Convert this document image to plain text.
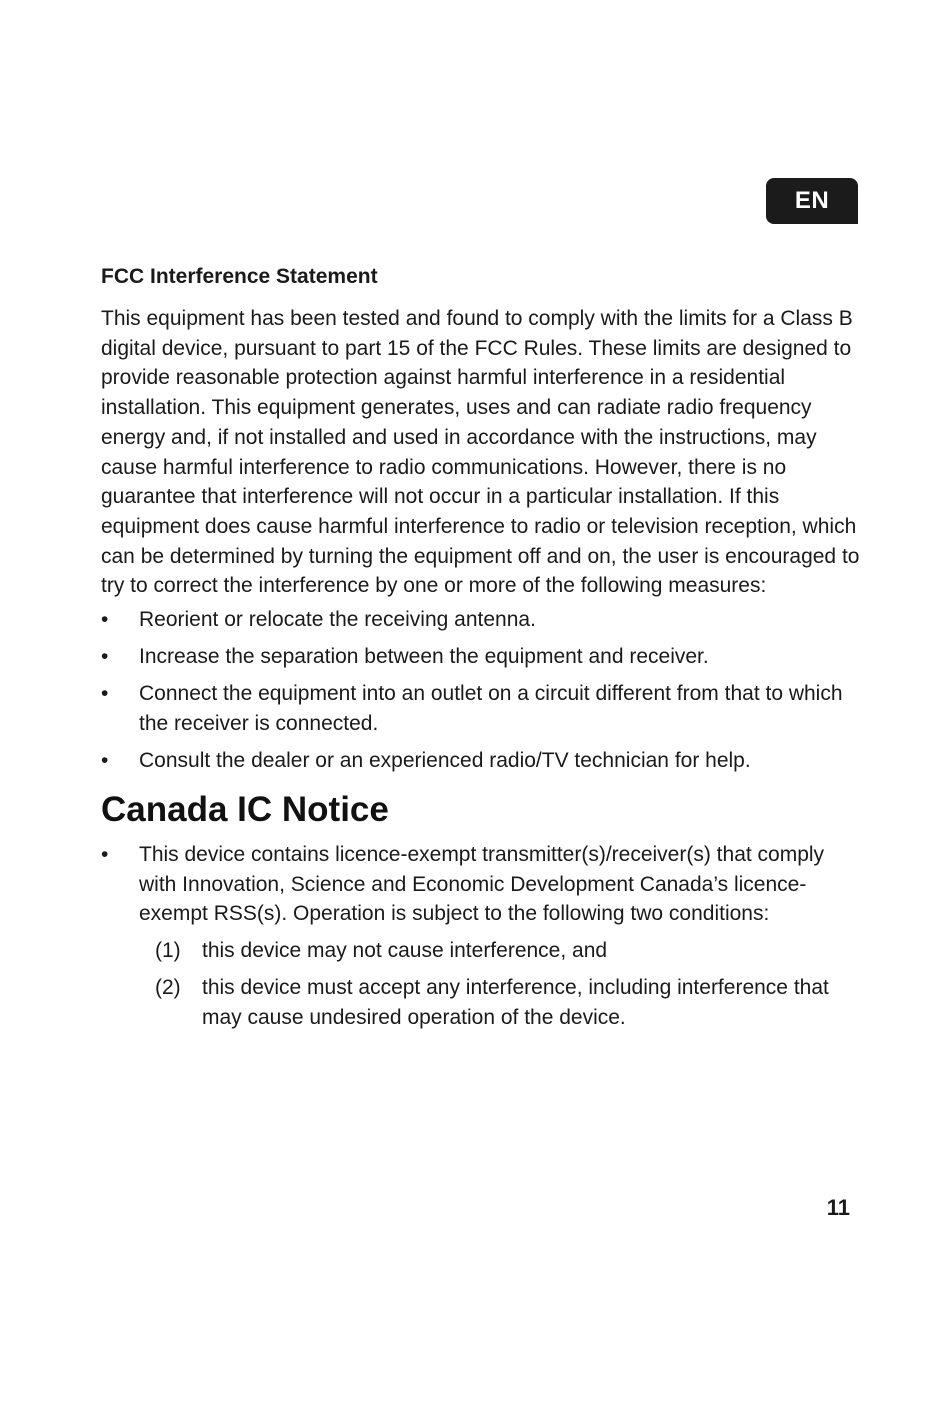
EN
FCC Interference Statement

This equipment has been tested and found to comply with the limits for a Class B digital device, pursuant to part 15 of the FCC Rules. These limits are designed to provide reasonable protection against harmful interference in a residential installation. This equipment generates, uses and can radiate radio frequency energy and, if not installed and used in accordance with the instructions, may cause harmful interference to radio communications. However, there is no guarantee that interference will not occur in a particular installation. If this equipment does cause harmful interference to radio or television reception, which can be determined by turning the equipment off and on, the user is encouraged to try to correct the interference by one or more of the following measures:

• Reorient or relocate the receiving antenna.
• Increase the separation between the equipment and receiver.
• Connect the equipment into an outlet on a circuit different from that to which the receiver is connected.
• Consult the dealer or an experienced radio/TV technician for help.
Canada IC Notice
• This device contains licence-exempt transmitter(s)/receiver(s) that comply with Innovation, Science and Economic Development Canada’s licence-exempt RSS(s). Operation is subject to the following two conditions:
(1) this device may not cause interference, and
(2) this device must accept any interference, including interference that may cause undesired operation of the device.
11
